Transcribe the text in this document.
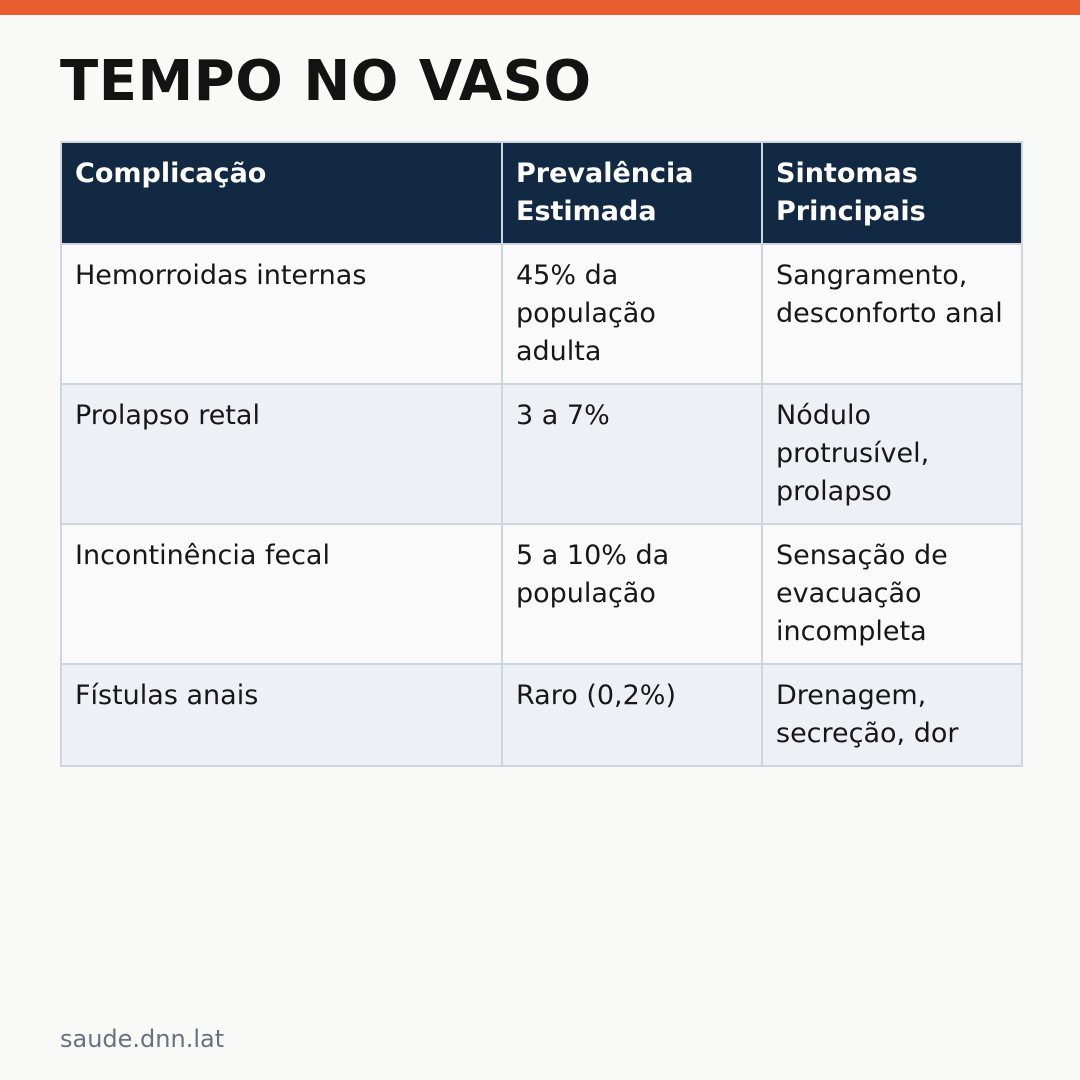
TEMPO NO VASO
Complicação	Prevalência Estimada	Sintomas Principais
Hemorroidas internas	45% da população adulta	Sangramento, desconforto anal
Prolapso retal	3 a 7%	Nódulo protrusível, prolapso
Incontinência fecal	5 a 10% da população	Sensação de evacuação incompleta
Fístulas anais	Raro (0,2%)	Drenagem, secreção, dor
saude.dnn.lat
